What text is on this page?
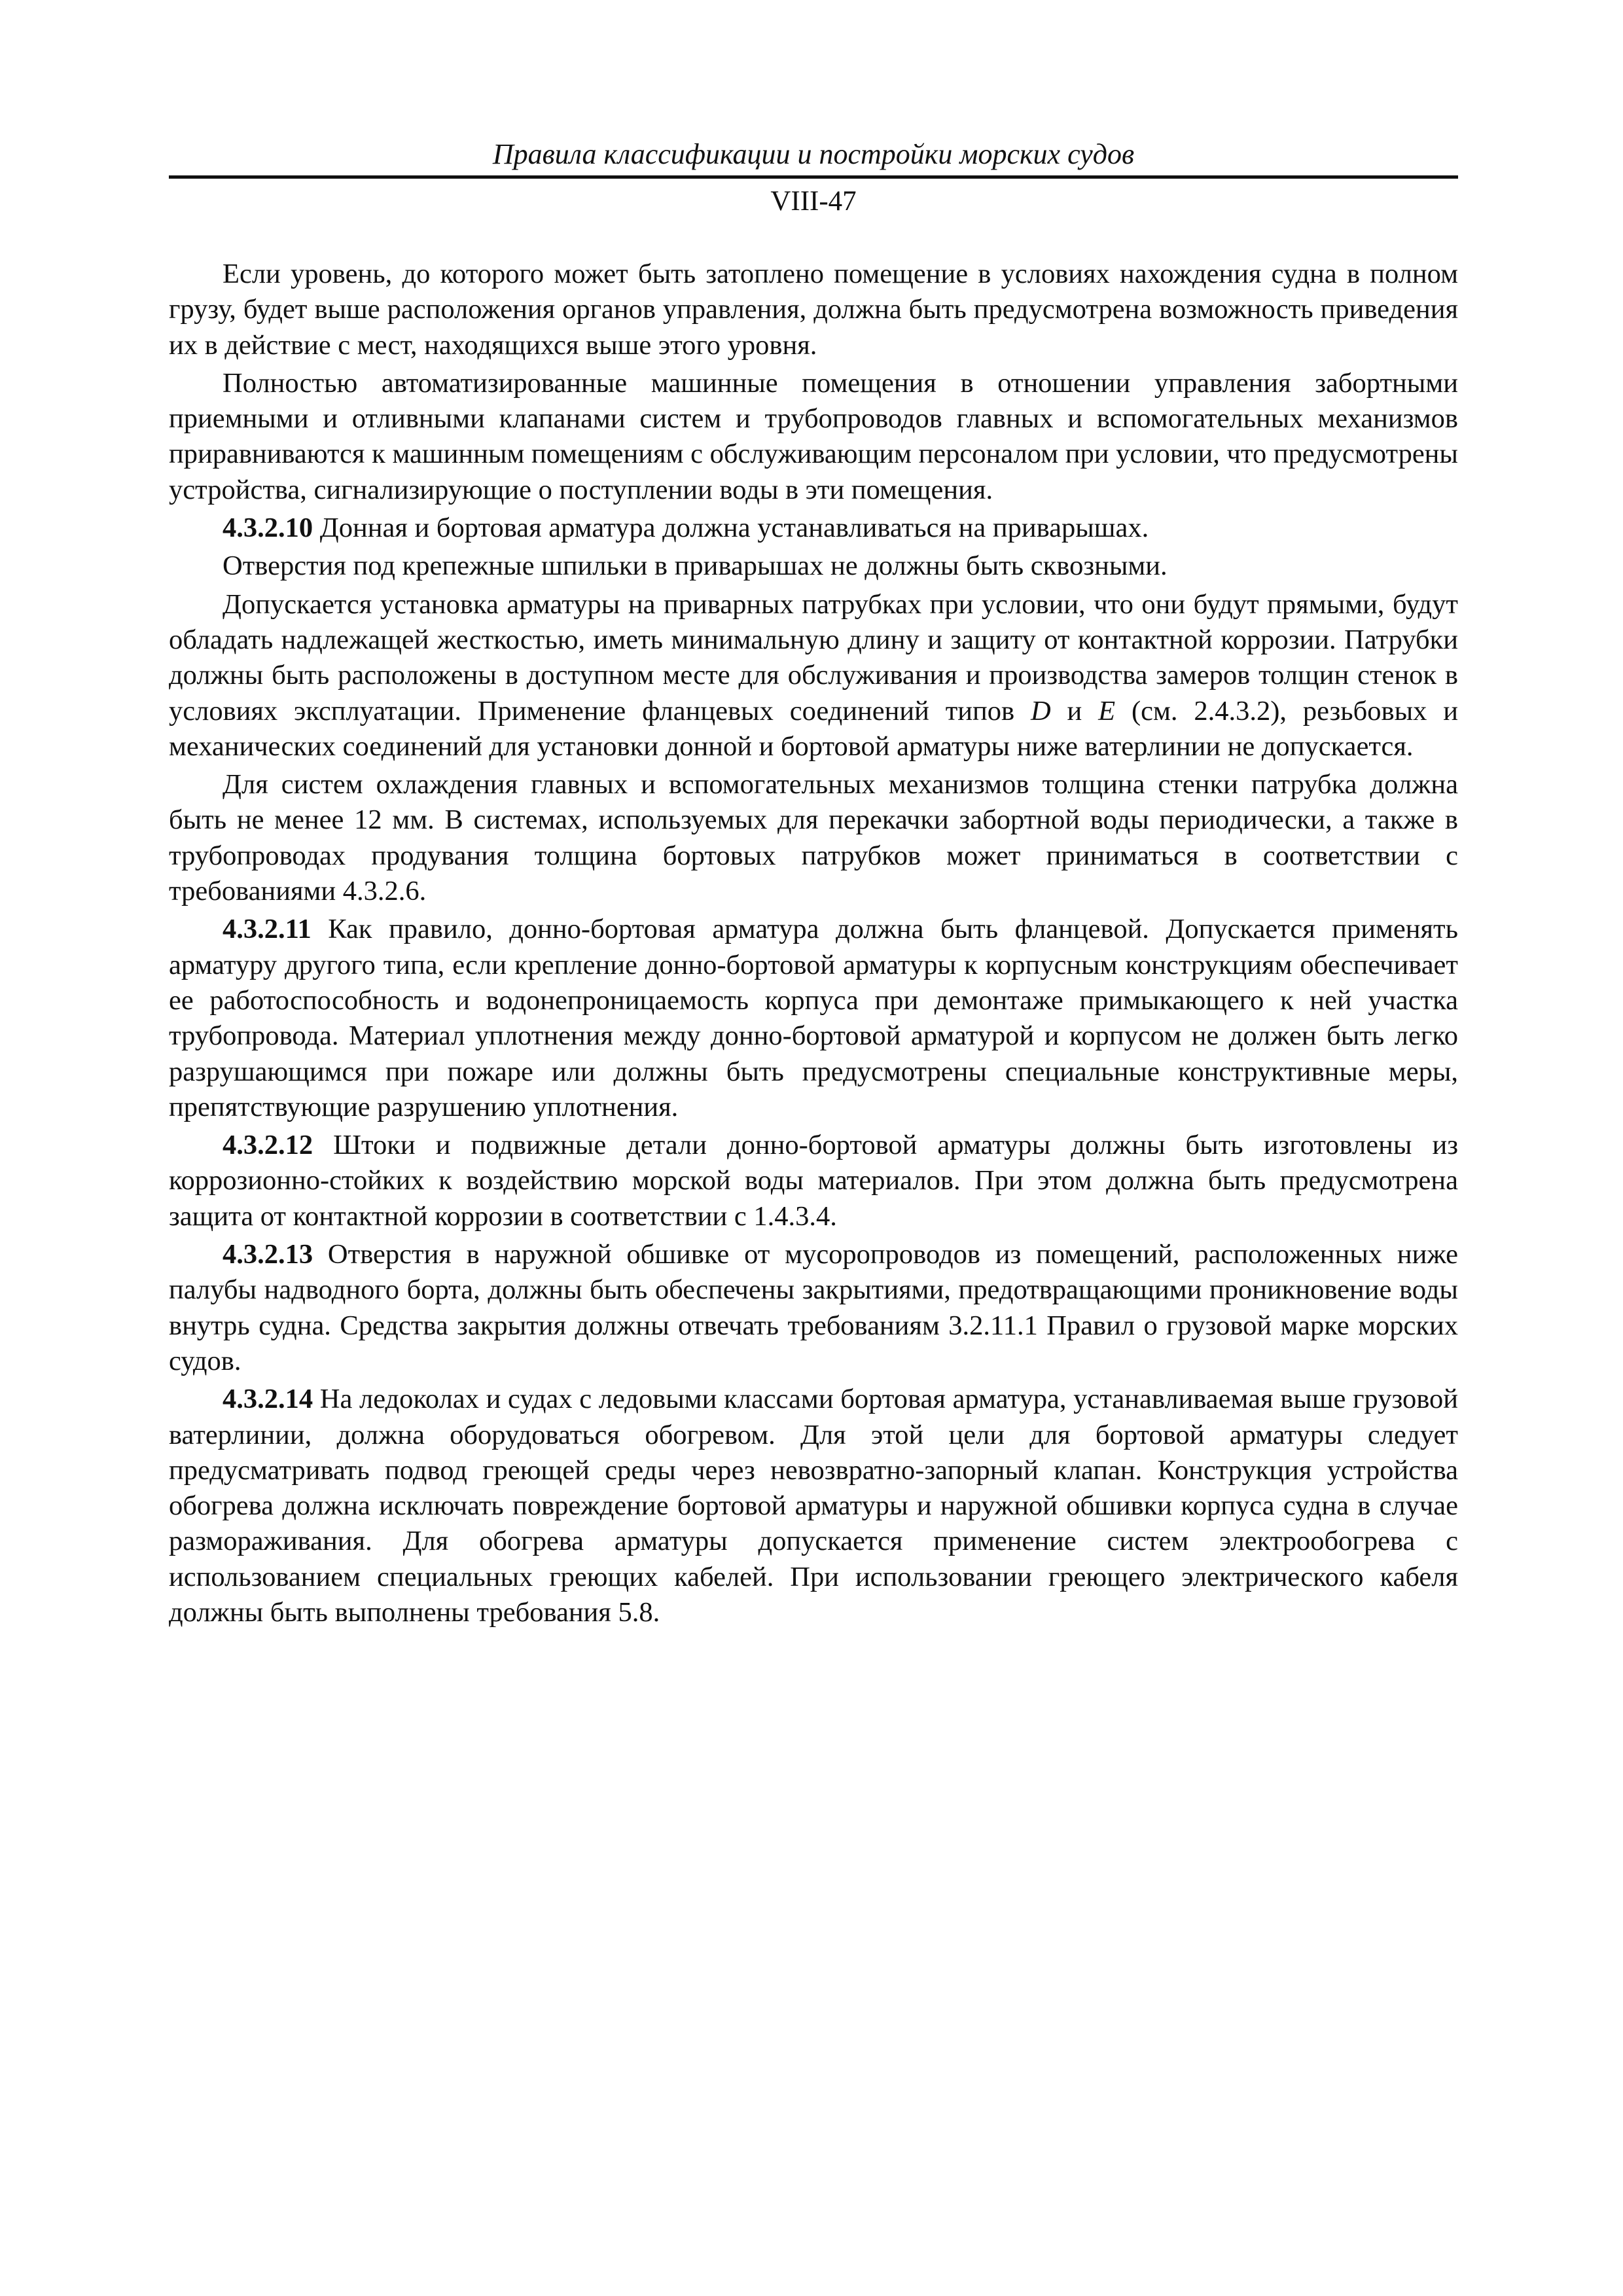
Правила классификации и постройки морских судов
VIII-47

Если уровень, до которого может быть затоплено помещение в условиях нахождения судна в полном грузу, будет выше расположения органов управления, должна быть предусмотрена возможность приведения их в действие с мест, находящихся выше этого уровня.

Полностью автоматизированные машинные помещения в отношении управления забортными приемными и отливными клапанами систем и трубопроводов главных и вспомогательных механизмов приравниваются к машинным помещениям с обслуживающим персоналом при условии, что предусмотрены устройства, сигнализирующие о поступлении воды в эти помещения.

4.3.2.10 Донная и бортовая арматура должна устанавливаться на приварышах.

Отверстия под крепежные шпильки в приварышах не должны быть сквозными.

Допускается установка арматуры на приварных патрубках при условии, что они будут прямыми, будут обладать надлежащей жесткостью, иметь минимальную длину и защиту от контактной коррозии. Патрубки должны быть расположены в доступном месте для обслуживания и производства замеров толщин стенок в условиях эксплуатации. Применение фланцевых соединений типов D и E (см. 2.4.3.2), резьбовых и механических соединений для установки донной и бортовой арматуры ниже ватерлинии не допускается.

Для систем охлаждения главных и вспомогательных механизмов толщина стенки патрубка должна быть не менее 12 мм. В системах, используемых для перекачки забортной воды периодически, а также в трубопроводах продувания толщина бортовых патрубков может приниматься в соответствии с требованиями 4.3.2.6.

4.3.2.11 Как правило, донно-бортовая арматура должна быть фланцевой. Допускается применять арматуру другого типа, если крепление донно-бортовой арматуры к корпусным конструкциям обеспечивает ее работоспособность и водонепроницаемость корпуса при демонтаже примыкающего к ней участка трубопровода. Материал уплотнения между донно-бортовой арматурой и корпусом не должен быть легко разрушающимся при пожаре или должны быть предусмотрены специальные конструктивные меры, препятствующие разрушению уплотнения.

4.3.2.12 Штоки и подвижные детали донно-бортовой арматуры должны быть изготовлены из коррозионно-стойких к воздействию морской воды материалов. При этом должна быть предусмотрена защита от контактной коррозии в соответствии с 1.4.3.4.

4.3.2.13 Отверстия в наружной обшивке от мусоропроводов из помещений, расположенных ниже палубы надводного борта, должны быть обеспечены закрытиями, предотвращающими проникновение воды внутрь судна. Средства закрытия должны отвечать требованиям 3.2.11.1 Правил о грузовой марке морских судов.

4.3.2.14 На ледоколах и судах с ледовыми классами бортовая арматура, устанавливаемая выше грузовой ватерлинии, должна оборудоваться обогревом. Для этой цели для бортовой арматуры следует предусматривать подвод греющей среды через невозвратно-запорный клапан. Конструкция устройства обогрева должна исключать повреждение бортовой арматуры и наружной обшивки корпуса судна в случае размораживания. Для обогрева арматуры допускается применение систем электрообогрева с использованием специальных греющих кабелей. При использовании греющего электрического кабеля должны быть выполнены требования 5.8.
